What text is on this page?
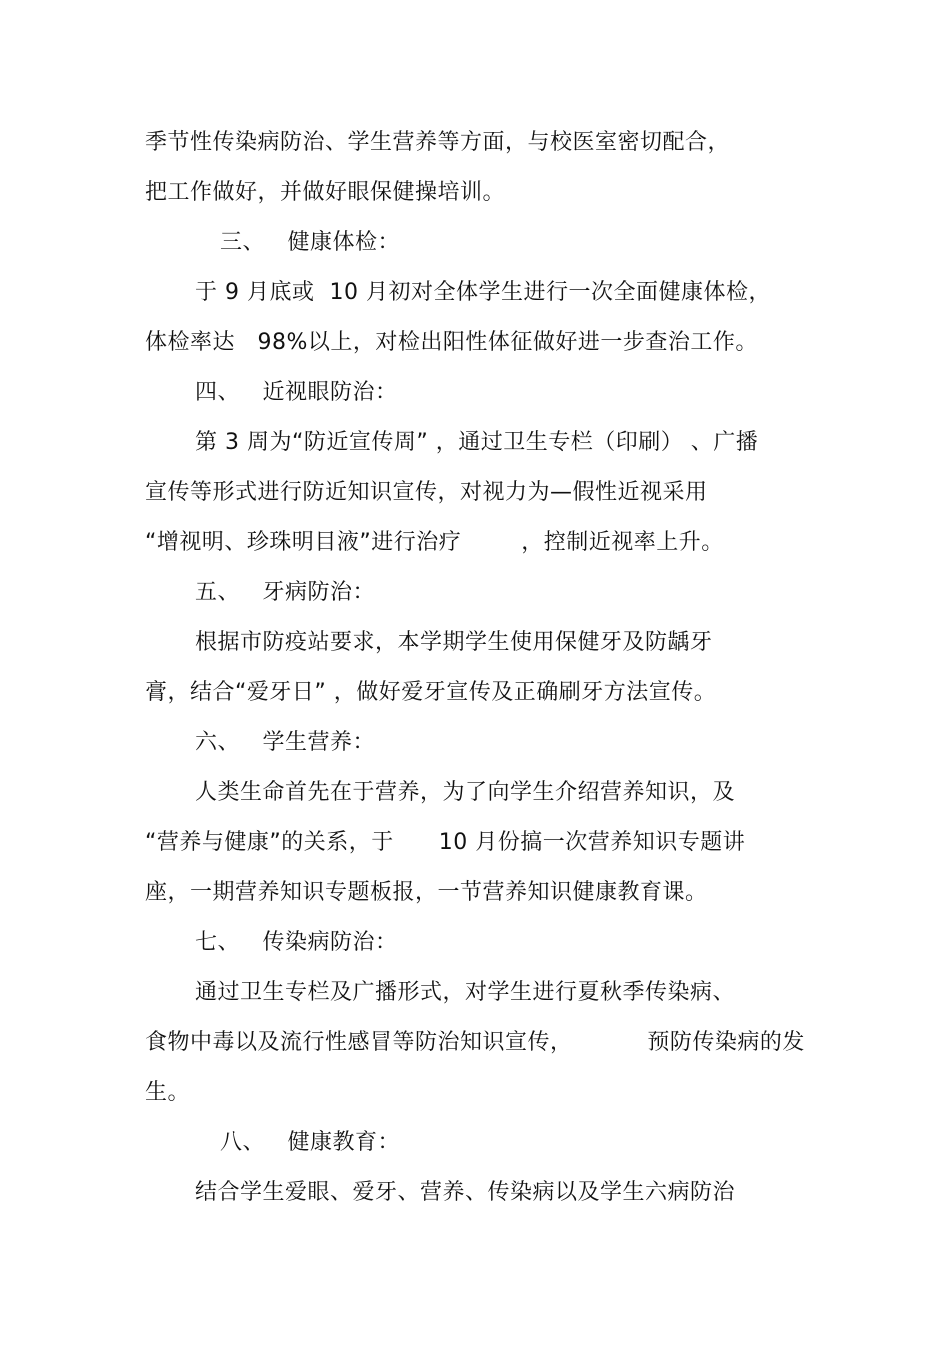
季节性传染病防治、学生营养等方面，与校医室密切配合，
把工作做好，并做好眼保健操培训。
三、   健康体检：
于 9 月底或  10 月初对全体学生进行一次全面健康体检，
体检率达   98%以上，对检出阳性体征做好进一步查治工作。
四、   近视眼防治：
第 3 周为“防近宣传周” ，通过卫生专栏（印刷） 、广播
宣传等形式进行防近知识宣传，对视力为—假性近视采用
“增视明、珍珠明目液”进行治疗        ，控制近视率上升。
五、   牙病防治：
根据市防疫站要求，本学期学生使用保健牙及防龋牙
膏，结合“爱牙日” ，做好爱牙宣传及正确刷牙方法宣传。
六、   学生营养：
人类生命首先在于营养，为了向学生介绍营养知识，及
“营养与健康”的关系，于      10 月份搞一次营养知识专题讲
座，一期营养知识专题板报，一节营养知识健康教育课。
七、   传染病防治：
通过卫生专栏及广播形式，对学生进行夏秋季传染病、
食物中毒以及流行性感冒等防治知识宣传，          预防传染病的发
生。
八、   健康教育：
结合学生爱眼、爱牙、营养、传染病以及学生六病防治
